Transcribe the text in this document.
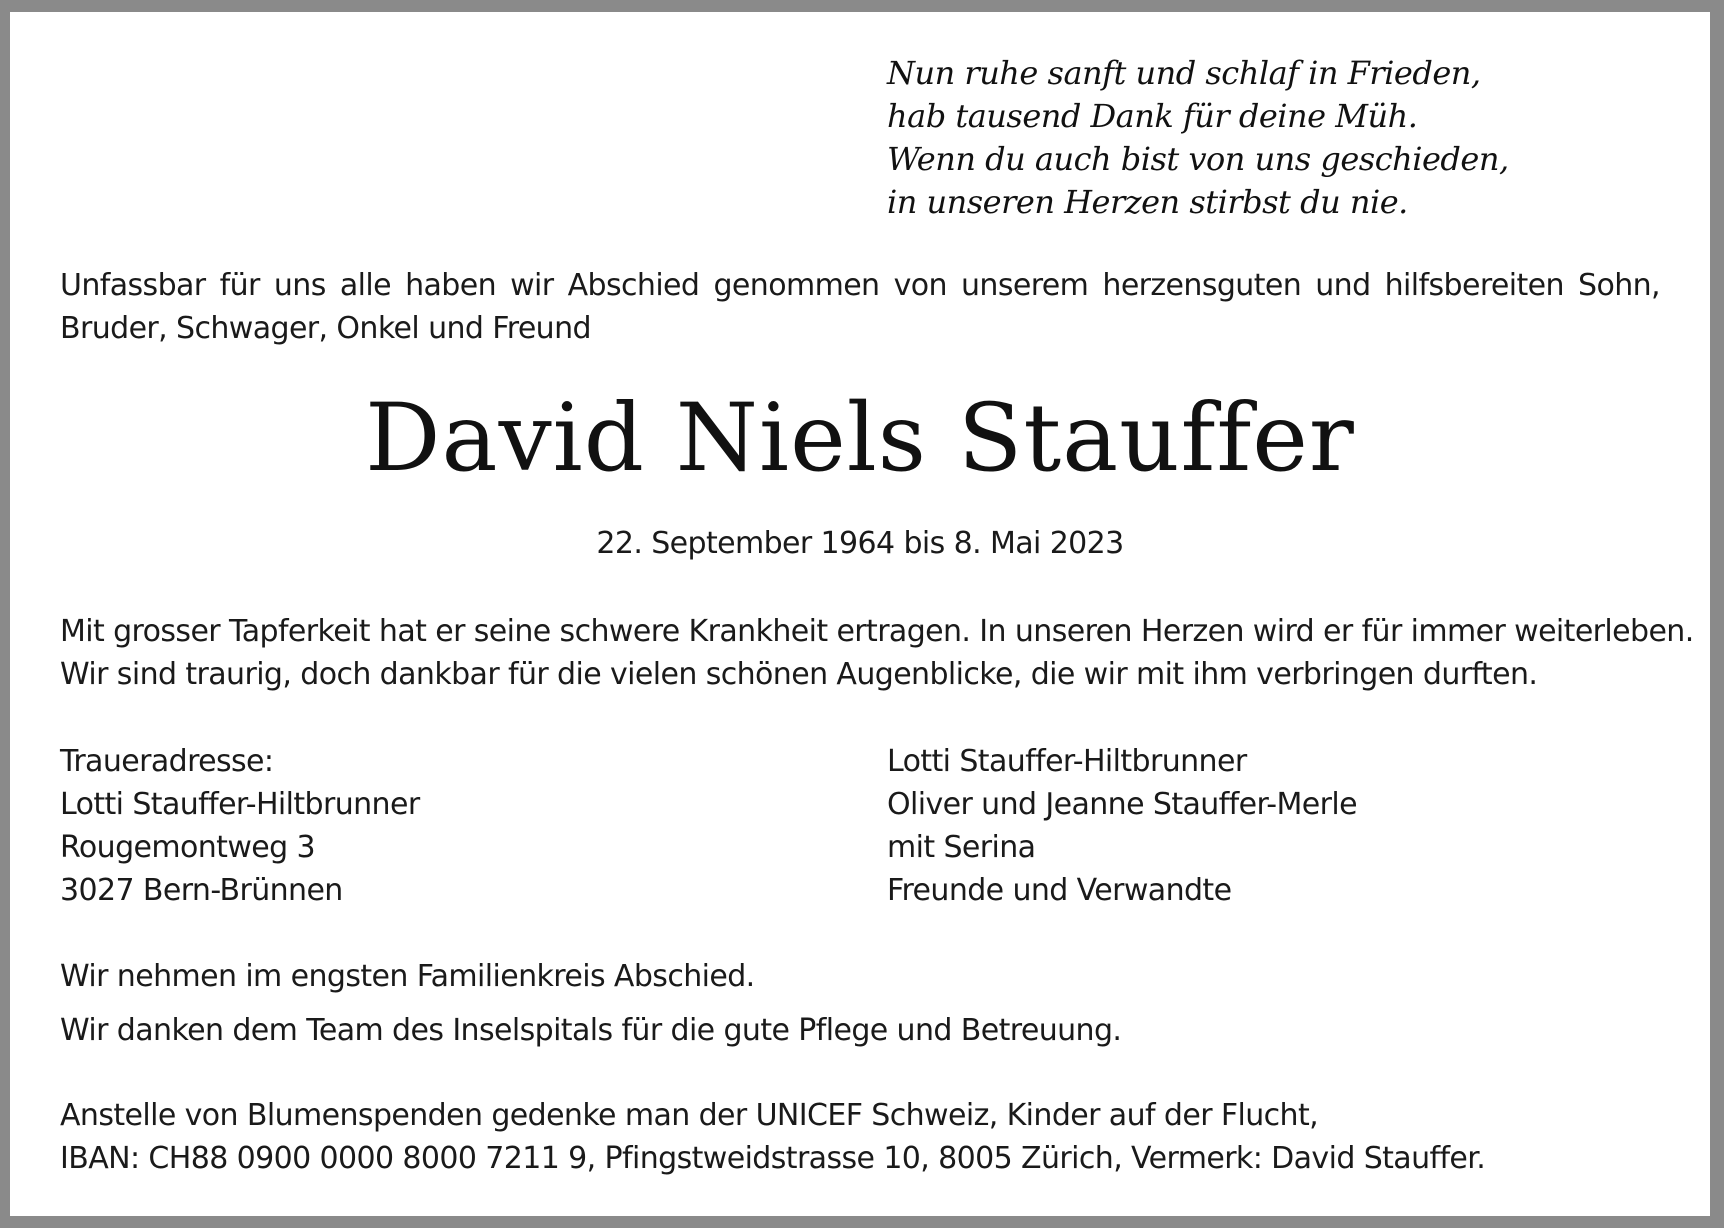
Nun ruhe sanft und schlaf in Frieden,
hab tausend Dank für deine Müh.
Wenn du auch bist von uns geschieden,
in unseren Herzen stirbst du nie.
Unfassbar für uns alle haben wir Abschied genommen von unserem herzensguten und hilfsbereiten Sohn,
Bruder, Schwager, Onkel und Freund
David Niels Stauffer
22. September 1964 bis 8. Mai 2023
Mit grosser Tapferkeit hat er seine schwere Krankheit ertragen. In unseren Herzen wird er für immer weiterleben.
Wir sind traurig, doch dankbar für die vielen schönen Augenblicke, die wir mit ihm verbringen durften.
Traueradresse:
Lotti Stauffer-Hiltbrunner
Rougemontweg 3
3027 Bern-Brünnen
Lotti Stauffer-Hiltbrunner
Oliver und Jeanne Stauffer-Merle
mit Serina
Freunde und Verwandte
Wir nehmen im engsten Familienkreis Abschied.
Wir danken dem Team des Inselspitals für die gute Pflege und Betreuung.
Anstelle von Blumenspenden gedenke man der UNICEF Schweiz, Kinder auf der Flucht,
IBAN: CH88 0900 0000 8000 7211 9, Pfingstweidstrasse 10, 8005 Zürich, Vermerk: David Stauffer.
